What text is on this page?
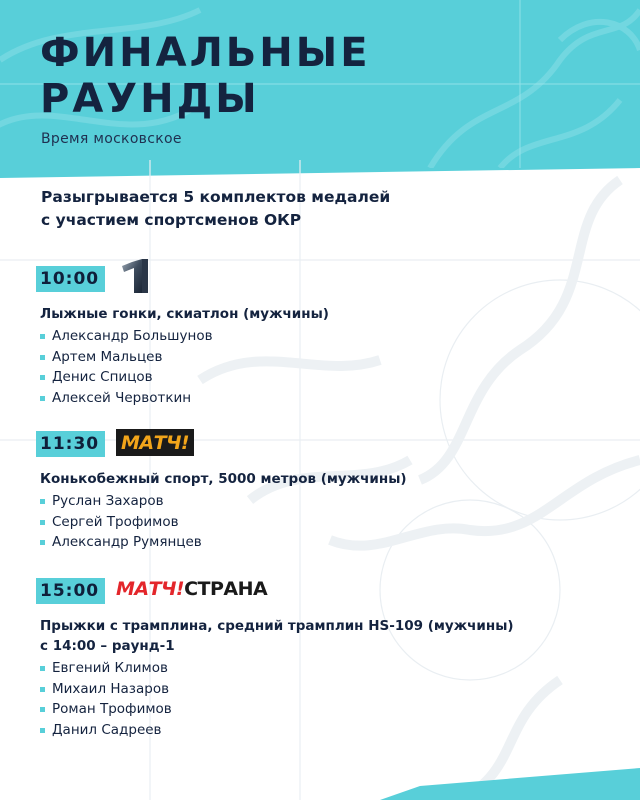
ФИНАЛЬНЫЕ
РАУНДЫ
Время московское
Разыгрывается 5 комплектов медалей
с участием спортсменов ОКР
10:00
Лыжные гонки, скиатлон (мужчины)
Александр Большунов
Артем Мальцев
Денис Спицов
Алексей Червоткин
11:30	МАТЧ!
Конькобежный спорт, 5000 метров (мужчины)
Руслан Захаров
Сергей Трофимов
Александр Румянцев
15:00 МАТЧ!СТРАНА
Прыжки с трамплина, средний трамплин HS-109 (мужчины)
с 14:00 – раунд-1
Евгений Климов
Михаил Назаров
Роман Трофимов
Данил Садреев
